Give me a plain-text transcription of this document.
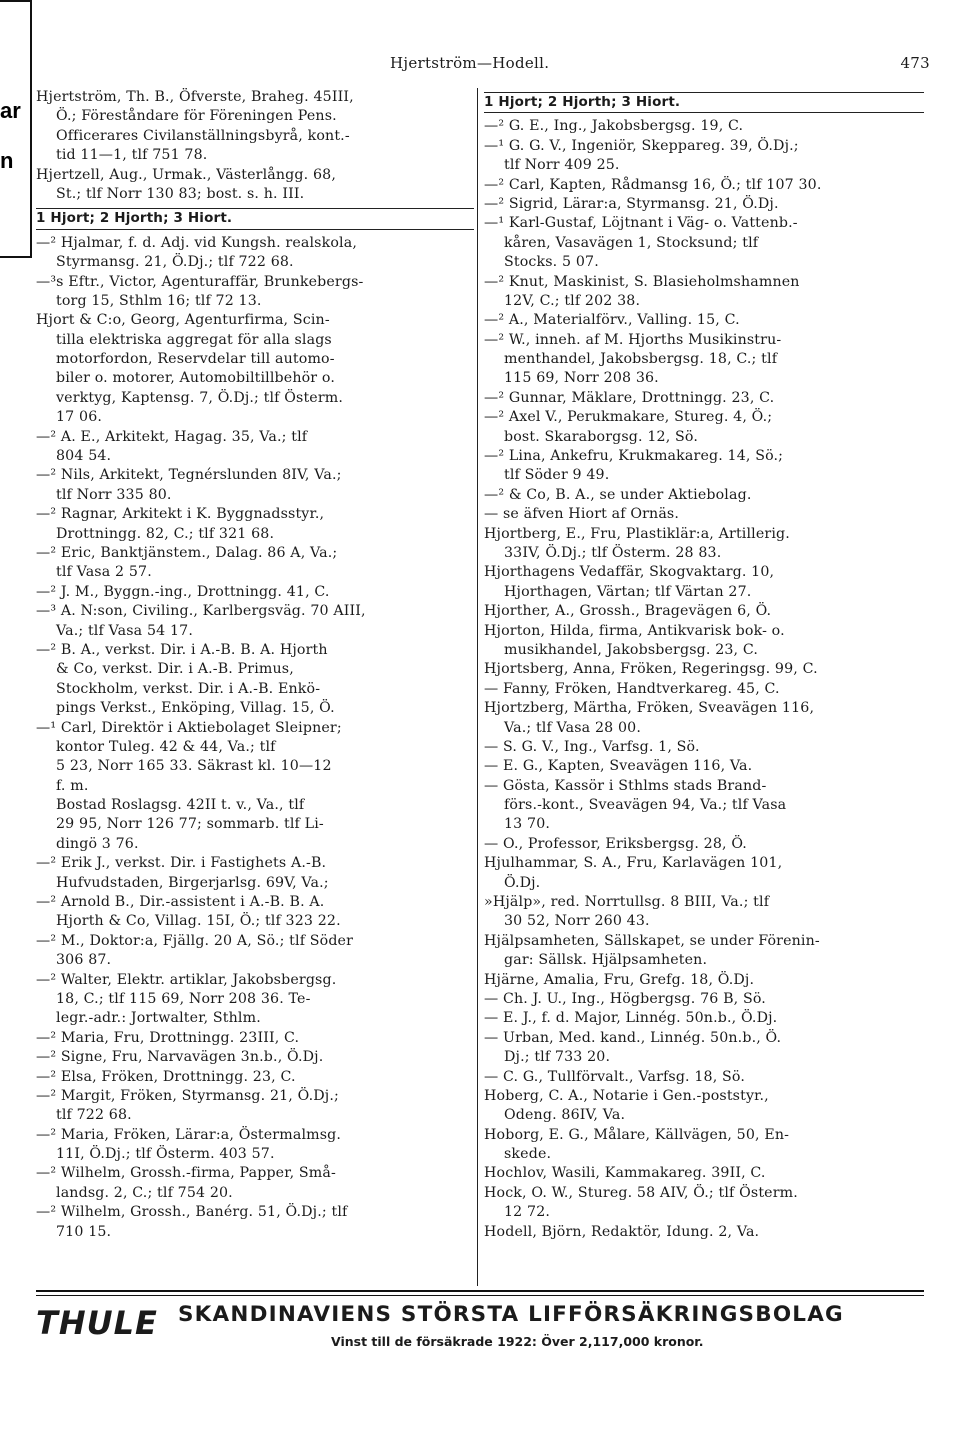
ar
n
Hjertström—Hodell.	473
Hjertström, Th. B., Öfverste, Braheg. 45III,
Ö.; Föreståndare för Föreningen Pens.
Officerares Civilanställningsbyrå, kont.-
tid 11—1, tlf 751 78.
Hjertzell, Aug., Urmak., Västerlångg. 68,
St.; tlf Norr 130 83; bost. s. h. III.
1 Hjort; 2 Hjorth; 3 Hiort.
—² Hjalmar, f. d. Adj. vid Kungsh. realskola,
Styrmansg. 21, Ö.Dj.; tlf 722 68.
—³s Eftr., Victor, Agenturaffär, Brunkebergs-
torg 15, Sthlm 16; tlf 72 13.
Hjort & C:o, Georg, Agenturfirma, Scin-
tilla elektriska aggregat för alla slags
motorfordon, Reservdelar till automo-
biler o. motorer, Automobiltillbehör o.
verktyg, Kaptensg. 7, Ö.Dj.; tlf Österm.
17 06.
—² A. E., Arkitekt, Hagag. 35, Va.; tlf
804 54.
—² Nils, Arkitekt, Tegnérslunden 8IV, Va.;
tlf Norr 335 80.
—² Ragnar, Arkitekt i K. Byggnadsstyr.,
Drottningg. 82, C.; tlf 321 68.
—² Eric, Banktjänstem., Dalag. 86 A, Va.;
tlf Vasa 2 57.
—² J. M., Byggn.-ing., Drottningg. 41, C.
—³ A. N:son, Civiling., Karlbergsväg. 70 AIII,
Va.; tlf Vasa 54 17.
—² B. A., verkst. Dir. i A.-B. B. A. Hjorth
& Co, verkst. Dir. i A.-B. Primus,
Stockholm, verkst. Dir. i A.-B. Enkö-
pings Verkst., Enköping, Villag. 15, Ö.
—¹ Carl, Direktör i Aktiebolaget Sleipner;
kontor Tuleg. 42 & 44, Va.; tlf
5 23, Norr 165 33. Säkrast kl. 10—12
f. m.
Bostad Roslagsg. 42II t. v., Va., tlf
29 95, Norr 126 77; sommarb. tlf Li-
dingö 3 76.
—² Erik J., verkst. Dir. i Fastighets A.-B.
Hufvudstaden, Birgerjarlsg. 69V, Va.;
—² Arnold B., Dir.-assistent i A.-B. B. A.
Hjorth & Co, Villag. 15I, Ö.; tlf 323 22.
—² M., Doktor:a, Fjällg. 20 A, Sö.; tlf Söder
306 87.
—² Walter, Elektr. artiklar, Jakobsbergsg.
18, C.; tlf 115 69, Norr 208 36. Te-
legr.-adr.: Jortwalter, Sthlm.
—² Maria, Fru, Drottningg. 23III, C.
—² Signe, Fru, Narvavägen 3n.b., Ö.Dj.
—² Elsa, Fröken, Drottningg. 23, C.
—² Margit, Fröken, Styrmansg. 21, Ö.Dj.;
tlf 722 68.
—² Maria, Fröken, Lärar:a, Östermalmsg.
11I, Ö.Dj.; tlf Österm. 403 57.
—² Wilhelm, Grossh.-firma, Papper, Små-
landsg. 2, C.; tlf 754 20.
—² Wilhelm, Grossh., Banérg. 51, Ö.Dj.; tlf
710 15.
1 Hjort; 2 Hjorth; 3 Hiort.
—² G. E., Ing., Jakobsbergsg. 19, C.
—¹ G. G. V., Ingeniör, Skeppareg. 39, Ö.Dj.;
tlf Norr 409 25.
—² Carl, Kapten, Rådmansg 16, Ö.; tlf 107 30.
—² Sigrid, Lärar:a, Styrmansg. 21, Ö.Dj.
—¹ Karl-Gustaf, Löjtnant i Väg- o. Vattenb.-
kåren, Vasavägen 1, Stocksund; tlf
Stocks. 5 07.
—² Knut, Maskinist, S. Blasieholmshamnen
12V, C.; tlf 202 38.
—² A., Materialförv., Valling. 15, C.
—² W., inneh. af M. Hjorths Musikinstru-
menthandel, Jakobsbergsg. 18, C.; tlf
115 69, Norr 208 36.
—² Gunnar, Mäklare, Drottningg. 23, C.
—² Axel V., Perukmakare, Stureg. 4, Ö.;
bost. Skaraborgsg. 12, Sö.
—² Lina, Ankefru, Krukmakareg. 14, Sö.;
tlf Söder 9 49.
—² & Co, B. A., se under Aktiebolag.
— se äfven Hiort af Ornäs.
Hjortberg, E., Fru, Plastiklär:a, Artillerig.
33IV, Ö.Dj.; tlf Österm. 28 83.
Hjorthagens Vedaffär, Skogvaktarg. 10,
Hjorthagen, Värtan; tlf Värtan 27.
Hjorther, A., Grossh., Bragevägen 6, Ö.
Hjorton, Hilda, firma, Antikvarisk bok- o.
musikhandel, Jakobsbergsg. 23, C.
Hjortsberg, Anna, Fröken, Regeringsg. 99, C.
— Fanny, Fröken, Handtverkareg. 45, C.
Hjortzberg, Märtha, Fröken, Sveavägen 116,
Va.; tlf Vasa 28 00.
— S. G. V., Ing., Varfsg. 1, Sö.
— E. G., Kapten, Sveavägen 116, Va.
— Gösta, Kassör i Sthlms stads Brand-
förs.-kont., Sveavägen 94, Va.; tlf Vasa
13 70.
— O., Professor, Eriksbergsg. 28, Ö.
Hjulhammar, S. A., Fru, Karlavägen 101,
Ö.Dj.
»Hjälp», red. Norrtullsg. 8 BIII, Va.; tlf
30 52, Norr 260 43.
Hjälpsamheten, Sällskapet, se under Förenin-
gar: Sällsk. Hjälpsamheten.
Hjärne, Amalia, Fru, Grefg. 18, Ö.Dj.
— Ch. J. U., Ing., Högbergsg. 76 B, Sö.
— E. J., f. d. Major, Linnég. 50n.b., Ö.Dj.
— Urban, Med. kand., Linnég. 50n.b., Ö.
Dj.; tlf 733 20.
— C. G., Tullförvalt., Varfsg. 18, Sö.
Hoberg, C. A., Notarie i Gen.-poststyr.,
Odeng. 86IV, Va.
Hoborg, E. G., Målare, Källvägen, 50, En-
skede.
Hochlov, Wasili, Kammakareg. 39II, C.
Hock, O. W., Stureg. 58 AIV, Ö.; tlf Österm.
12 72.
Hodell, Björn, Redaktör, Idung. 2, Va.
THULE SKANDINAVIENS STÖRSTA LIFFÖRSÄKRINGSBOLAG
Vinst till de försäkrade 1922: Över 2,117,000 kronor.
